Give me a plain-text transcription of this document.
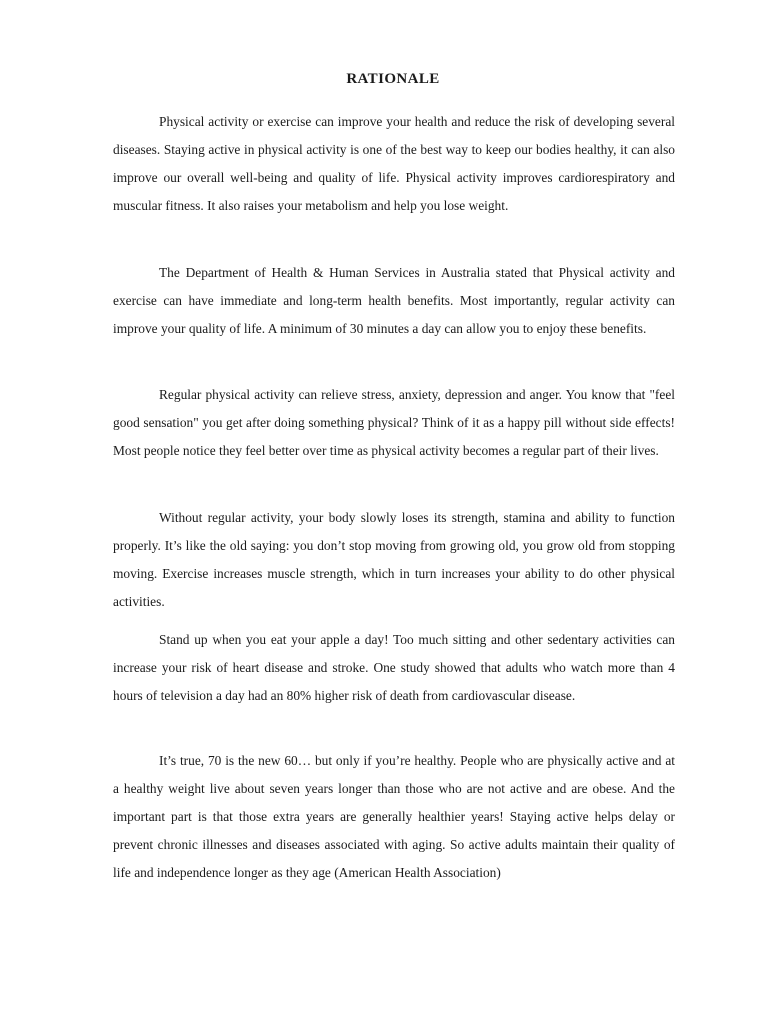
RATIONALE

Physical activity or exercise can improve your health and reduce the risk of developing several diseases. Staying active in physical activity is one of the best way to keep our bodies healthy, it can also improve our overall well-being and quality of life. Physical activity improves cardiorespiratory and muscular fitness. It also raises your metabolism and help you lose weight.

The Department of Health & Human Services in Australia stated that Physical activity and exercise can have immediate and long-term health benefits. Most importantly, regular activity can improve your quality of life. A minimum of 30 minutes a day can allow you to enjoy these benefits.

Regular physical activity can relieve stress, anxiety, depression and anger. You know that "feel good sensation" you get after doing something physical? Think of it as a happy pill without side effects! Most people notice they feel better over time as physical activity becomes a regular part of their lives.

Without regular activity, your body slowly loses its strength, stamina and ability to function properly. It’s like the old saying: you don’t stop moving from growing old, you grow old from stopping moving. Exercise increases muscle strength, which in turn increases your ability to do other physical activities.

Stand up when you eat your apple a day! Too much sitting and other sedentary activities can increase your risk of heart disease and stroke. One study showed that adults who watch more than 4 hours of television a day had an 80% higher risk of death from cardiovascular disease.

It’s true, 70 is the new 60… but only if you’re healthy. People who are physically active and at a healthy weight live about seven years longer than those who are not active and are obese. And the important part is that those extra years are generally healthier years! Staying active helps delay or prevent chronic illnesses and diseases associated with aging. So active adults maintain their quality of life and independence longer as they age (American Health Association)
